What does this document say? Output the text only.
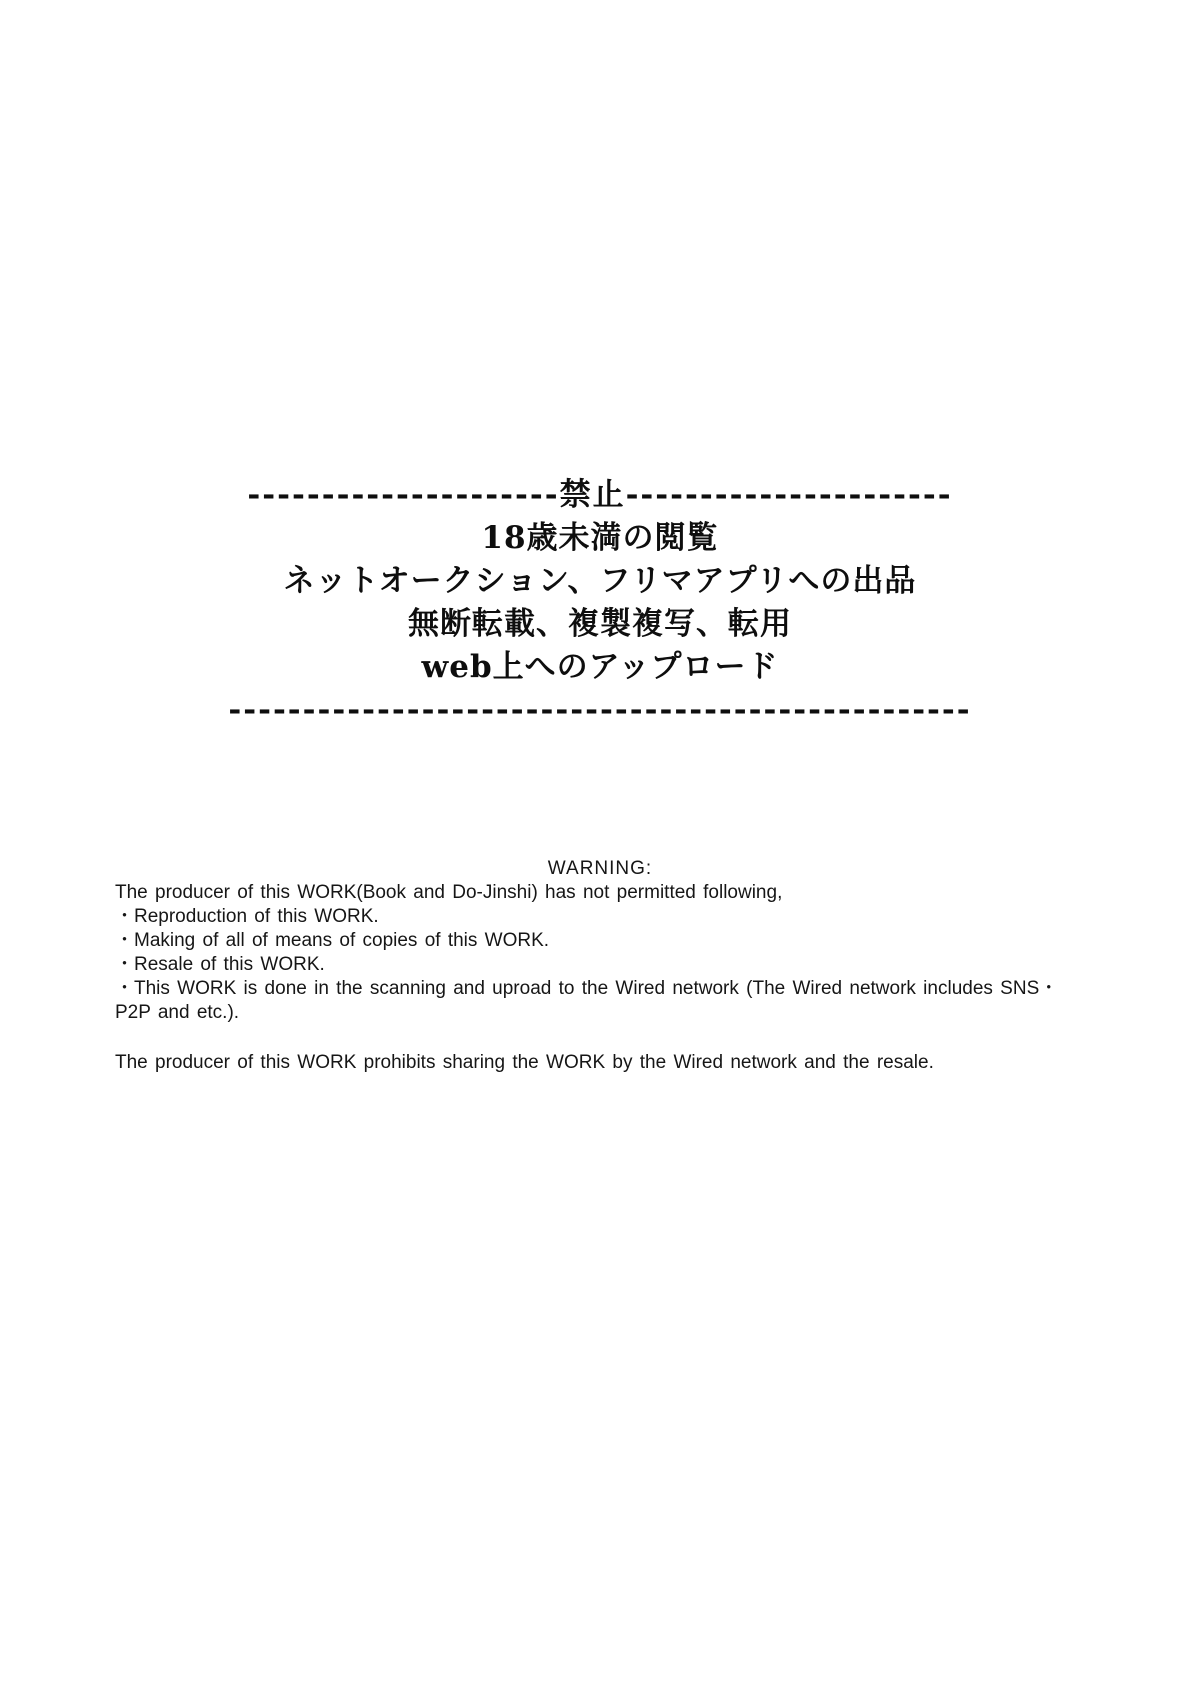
---------------------禁止----------------------
18歳未満の閲覧
ネットオークション、フリマアプリへの出品
無断転載、複製複写、転用
web上へのアップロード
--------------------------------------------------
WARNING:

The producer of this WORK(Book and Do-Jinshi) has not permitted following,

・Reproduction of this WORK.

・Making of all of means of copies of this WORK.

・Resale of this WORK.

・This WORK is done in the scanning and uproad to the Wired network (The Wired network includes SNS・P2P and etc.).

The producer of this WORK prohibits sharing the WORK by the Wired network and the resale.
